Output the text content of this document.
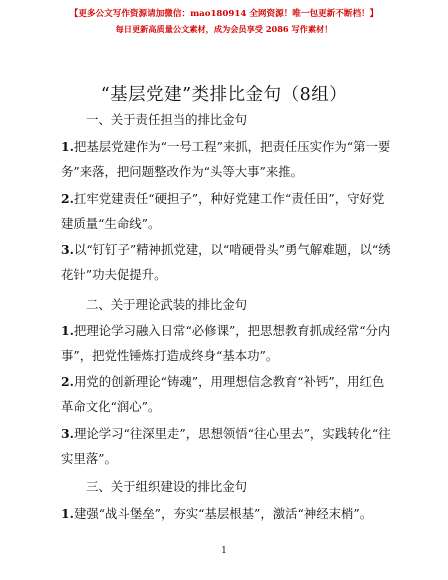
【更多公文写作资源请加微信：mao180914 全网资源！唯一包更新不断档！】
每日更新高质量公文素材，成为会员享受 2086 写作素材！
“基层党建”类排比金句（8组）
一、关于责任担当的排比金句
1.把基层党建作为“一号工程”来抓，把责任压实作为“第一要务”来落，把问题整改作为“头等大事”来推。
2.扛牢党建责任“硬担子”，种好党建工作“责任田”，守好党建质量“生命线”。
3.以“钉钉子”精神抓党建，以“啃硬骨头”勇气解难题，以“绣花针”功夫促提升。
二、关于理论武装的排比金句
1.把理论学习融入日常“必修课”，把思想教育抓成经常“分内事”，把党性锤炼打造成终身“基本功”。
2.用党的创新理论“铸魂”，用理想信念教育“补钙”，用红色革命文化“润心”。
3.理论学习“往深里走”，思想领悟“往心里去”，实践转化“往实里落”。
三、关于组织建设的排比金句
1.建强“战斗堡垒”，夯实“基层根基”，激活“神经末梢”。
1
